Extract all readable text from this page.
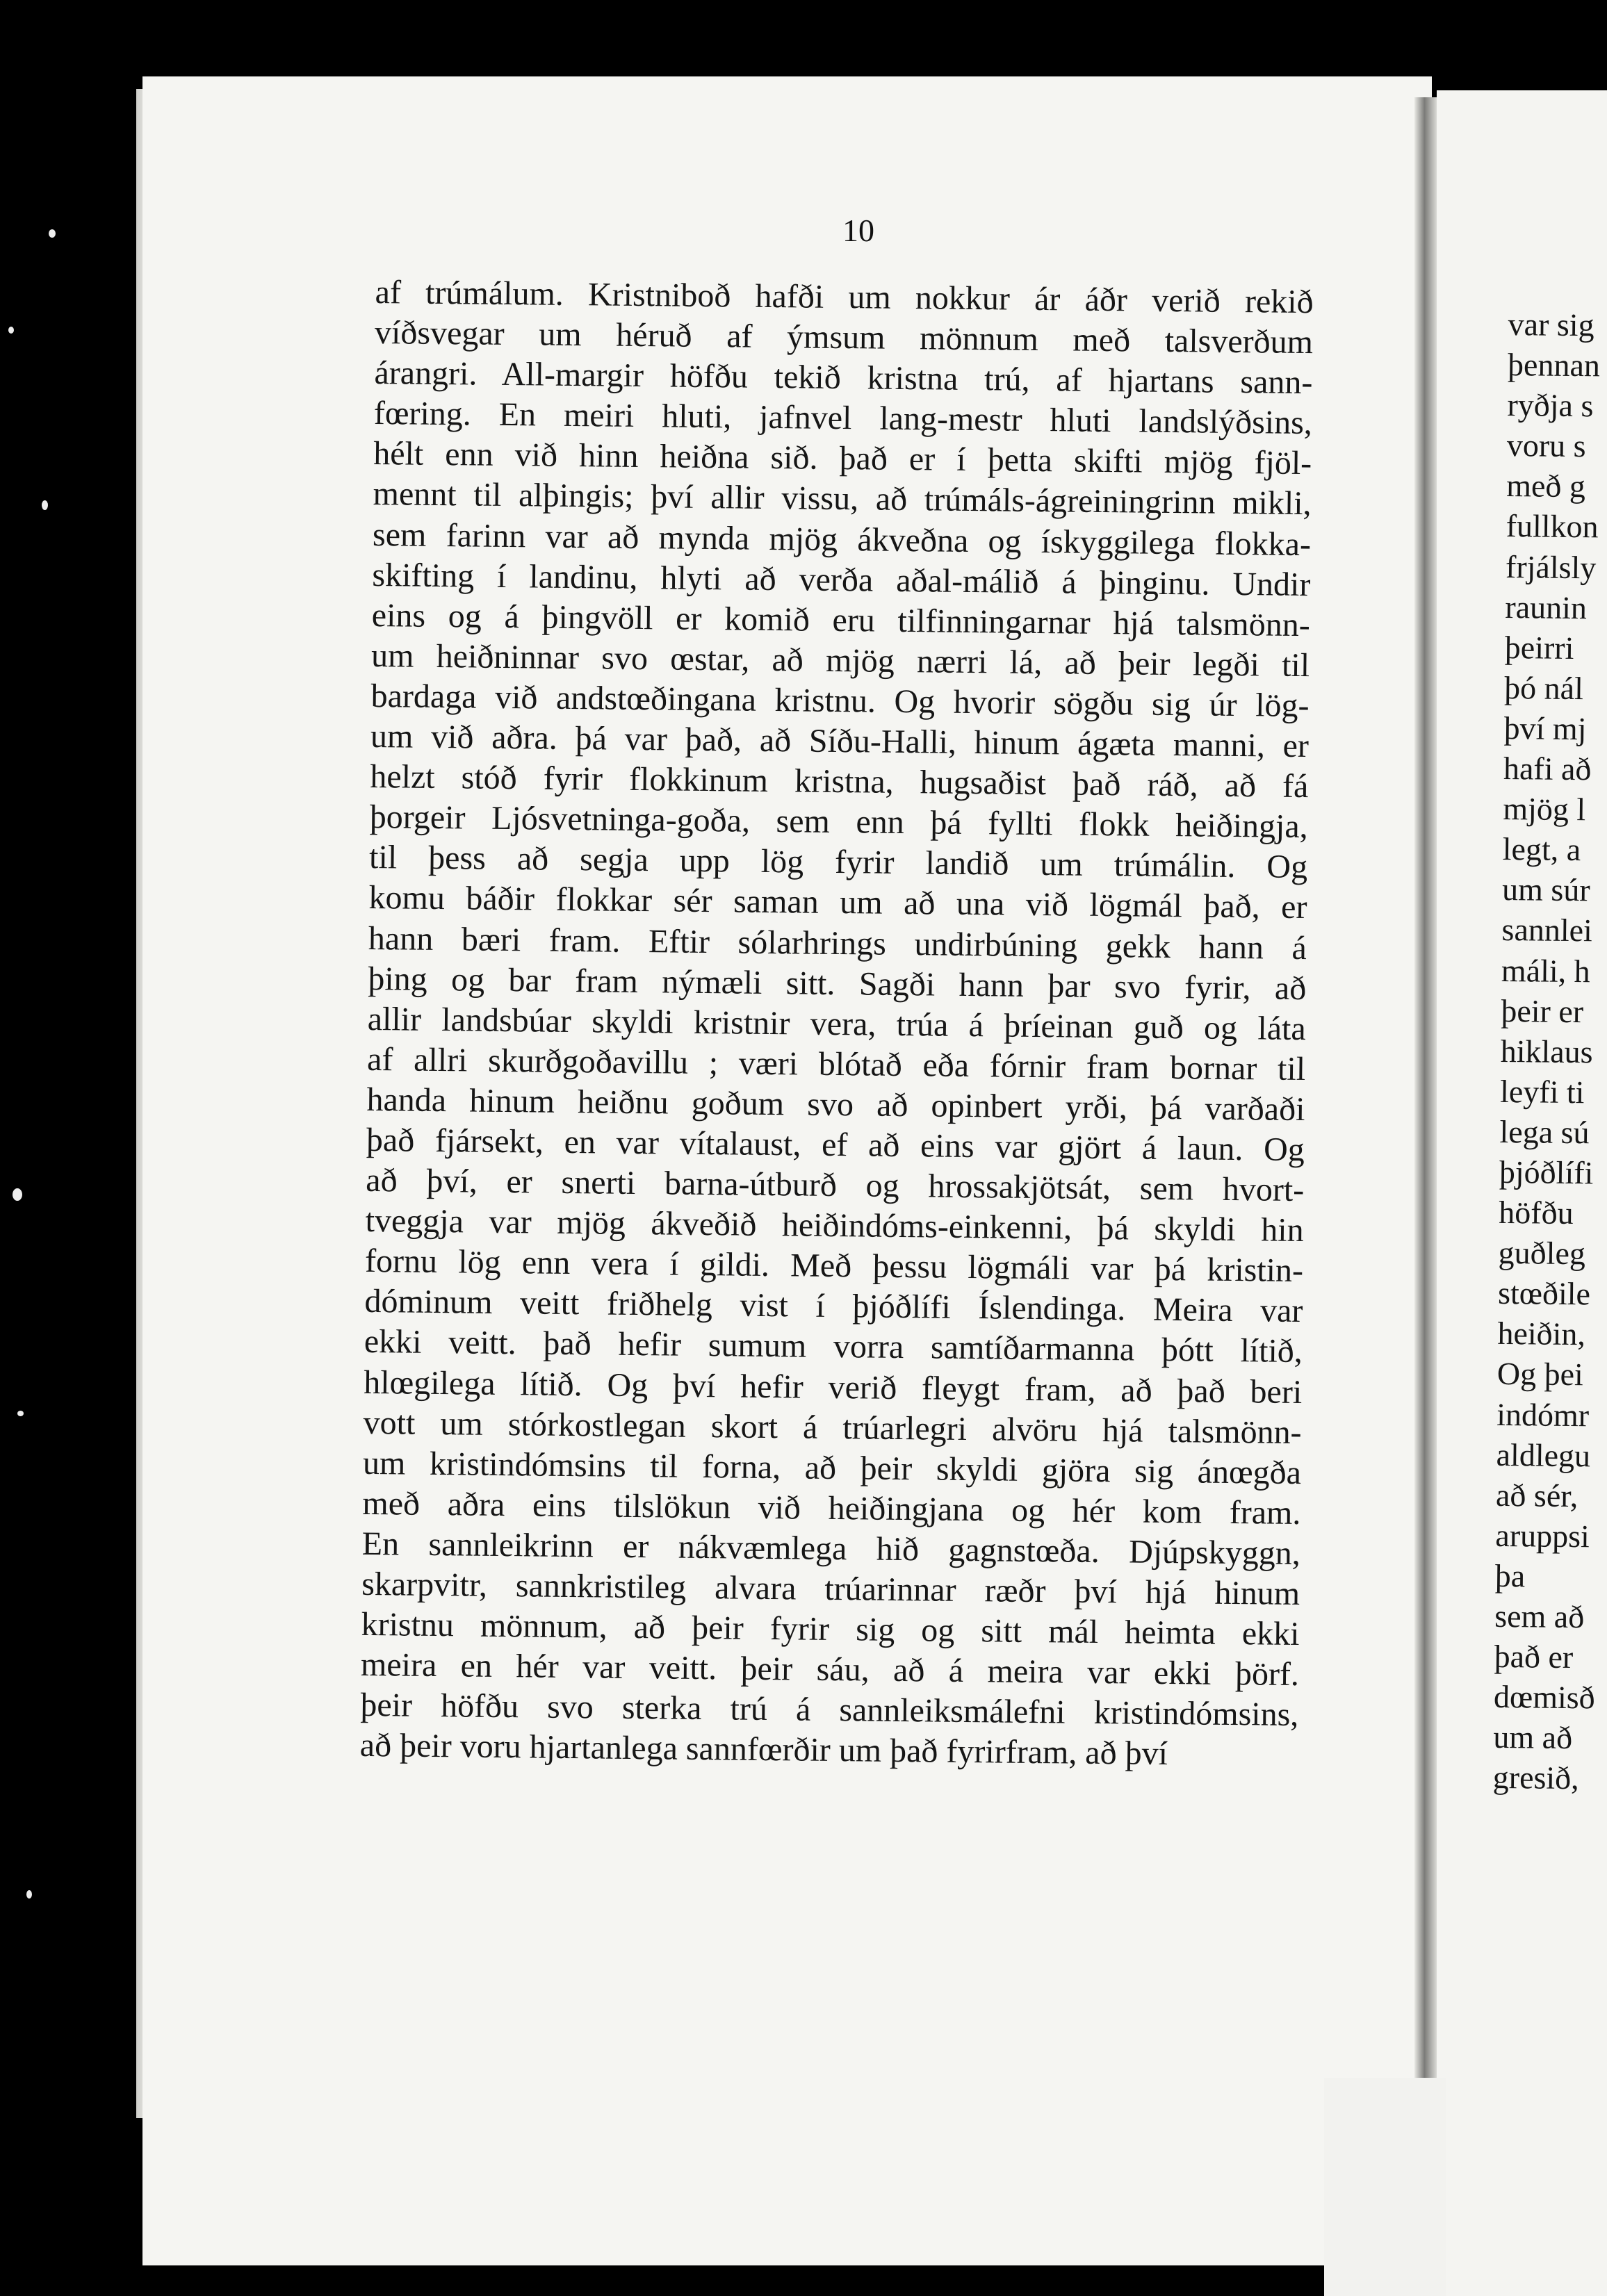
10
af trúmálum. Kristniboð hafði um nokkur ár áðr verið rekið
víðsvegar um héruð af ýmsum mönnum með talsverðum
árangri. All-margir höfðu tekið kristna trú, af hjartans sann-
fœring. En meiri hluti, jafnvel lang-mestr hluti landslýðsins,
hélt enn við hinn heiðna sið. það er í þetta skifti mjög fjöl-
mennt til alþingis; því allir vissu, að trúmáls-ágreiningrinn mikli,
sem farinn var að mynda mjög ákveðna og ískyggilega flokka-
skifting í landinu, hlyti að verða aðal-málið á þinginu. Undir
eins og á þingvöll er komið eru tilfinningarnar hjá talsmönn-
um heiðninnar svo œstar, að mjög nærri lá, að þeir legði til
bardaga við andstœðingana kristnu. Og hvorir sögðu sig úr lög-
um við aðra. þá var það, að Síðu-Halli, hinum ágæta manni, er
helzt stóð fyrir flokkinum kristna, hugsaðist það ráð, að fá
þorgeir Ljósvetninga-goða, sem enn þá fyllti flokk heiðingja,
til þess að segja upp lög fyrir landið um trúmálin. Og
komu báðir flokkar sér saman um að una við lögmál það, er
hann bæri fram. Eftir sólarhrings undirbúning gekk hann á
þing og bar fram nýmæli sitt. Sagði hann þar svo fyrir, að
allir landsbúar skyldi kristnir vera, trúa á þríeinan guð og láta
af allri skurðgoðavillu ; væri blótað eða fórnir fram bornar til
handa hinum heiðnu goðum svo að opinbert yrði, þá varðaði
það fjársekt, en var vítalaust, ef að eins var gjört á laun. Og
að því, er snerti barna-útburð og hrossakjötsát, sem hvort-
tveggja var mjög ákveðið heiðindóms-einkenni, þá skyldi hin
fornu lög enn vera í gildi. Með þessu lögmáli var þá kristin-
dóminum veitt friðhelg vist í þjóðlífi Íslendinga. Meira var
ekki veitt. það hefir sumum vorra samtíðarmanna þótt lítið,
hlœgilega lítið. Og því hefir verið fleygt fram, að það beri
vott um stórkostlegan skort á trúarlegri alvöru hjá talsmönn-
um kristindómsins til forna, að þeir skyldi gjöra sig ánœgða
með aðra eins tilslökun við heiðingjana og hér kom fram.
En sannleikrinn er nákvæmlega hið gagnstœða. Djúpskyggn,
skarpvitr, sannkristileg alvara trúarinnar ræðr því hjá hinum
kristnu mönnum, að þeir fyrir sig og sitt mál heimta ekki
meira en hér var veitt. þeir sáu, að á meira var ekki þörf.
þeir höfðu svo sterka trú á sannleiksmálefni kristindómsins,
að þeir voru hjartanlega sannfœrðir um það fyrirfram, að því
var sig
þennan
ryðja s
voru s
með g
fullkon
frjálsly
raunin
þeirri
þó nál
því mj
hafi að
mjög l
legt, a
um súr
sannlei
máli, h
þeir er
hiklaus
leyfi ti
lega sú
þjóðlífi
höfðu
guðleg
stœðile
heiðin,
Og þei
indómr
aldlegu
að sér,
aruppsi
þa
sem að
það er
dœmisð
um að
gresið,
